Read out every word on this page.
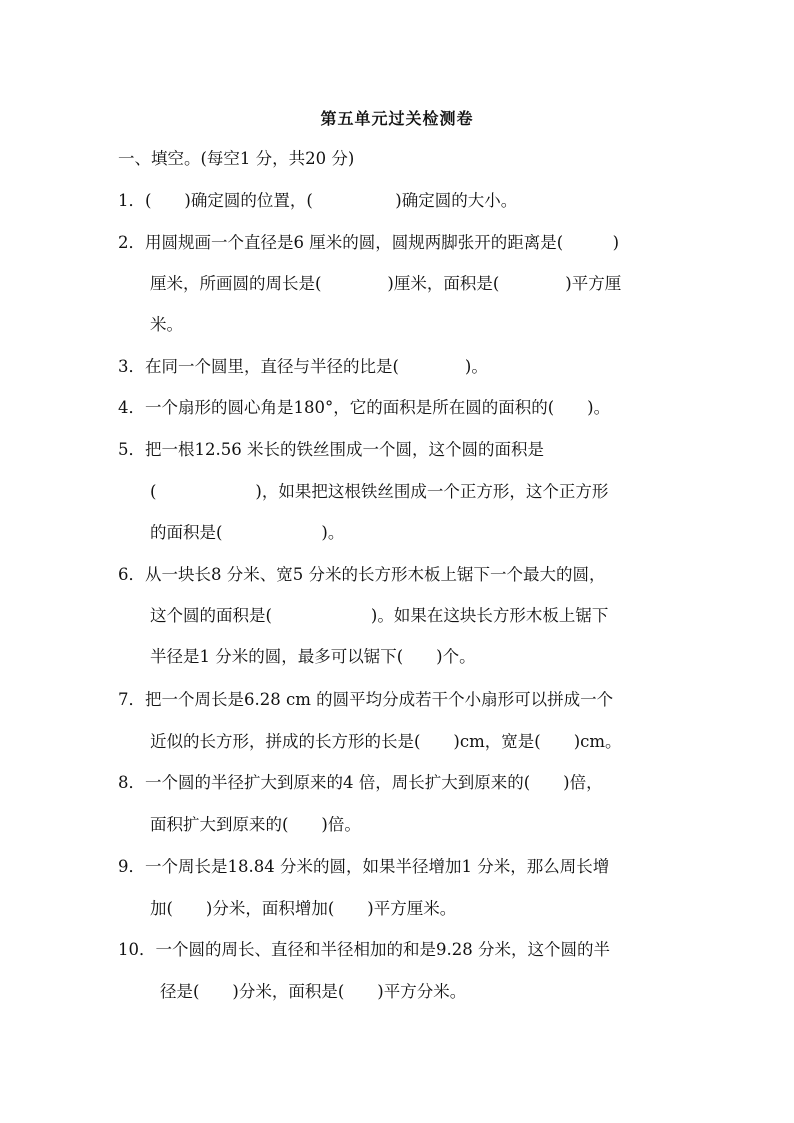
第五单元过关检测卷
一、填空。(每空1 分，共20 分)
1．(　　)确定圆的位置，(　　　　　)确定圆的大小。
2．用圆规画一个直径是6 厘米的圆，圆规两脚张开的距离是(　　　)
厘米，所画圆的周长是(　　　　)厘米，面积是(　　　　)平方厘
米。
3．在同一个圆里，直径与半径的比是(　　　　)。
4．一个扇形的圆心角是180°，它的面积是所在圆的面积的(　　)。
5．把一根12.56 米长的铁丝围成一个圆，这个圆的面积是
(　　　　　　)，如果把这根铁丝围成一个正方形，这个正方形
的面积是(　　　　　　)。
6．从一块长8 分米、宽5 分米的长方形木板上锯下一个最大的圆，
这个圆的面积是(　　　　　　)。如果在这块长方形木板上锯下
半径是1 分米的圆，最多可以锯下(　　)个。
7．把一个周长是6.28 cm 的圆平均分成若干个小扇形可以拼成一个
近似的长方形，拼成的长方形的长是(　　)cm，宽是(　　)cm。
8．一个圆的半径扩大到原来的4 倍，周长扩大到原来的(　　)倍，
面积扩大到原来的(　　)倍。
9．一个周长是18.84 分米的圆，如果半径增加1 分米，那么周长增
加(　　)分米，面积增加(　　)平方厘米。
10．一个圆的周长、直径和半径相加的和是9.28 分米，这个圆的半
径是(　　)分米，面积是(　　)平方分米。
